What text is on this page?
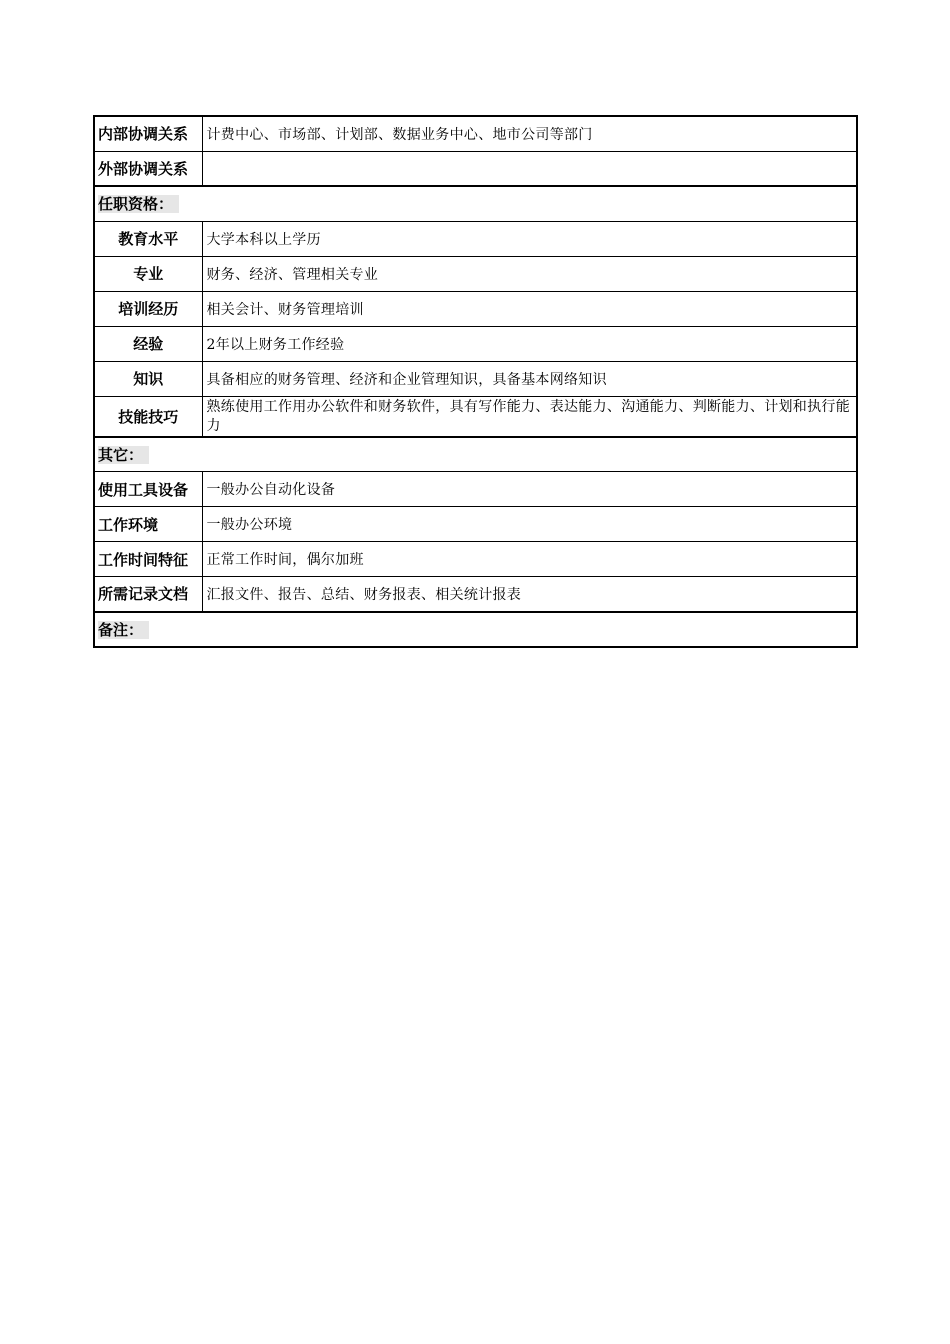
内部协调关系	计费中心、市场部、计划部、数据业务中心、地市公司等部门
外部协调关系	
任职资格：	
教育水平	大学本科以上学历
专业	财务、经济、管理相关专业
培训经历	相关会计、财务管理培训
经验	2年以上财务工作经验
知识	具备相应的财务管理、经济和企业管理知识，具备基本网络知识
技能技巧	熟练使用工作用办公软件和财务软件，具有写作能力、表达能力、沟通能力、判断能力、计划和执行能力
其它：	
使用工具设备	一般办公自动化设备
工作环境	一般办公环境
工作时间特征	正常工作时间，偶尔加班
所需记录文档	汇报文件、报告、总结、财务报表、相关统计报表
备注：	
